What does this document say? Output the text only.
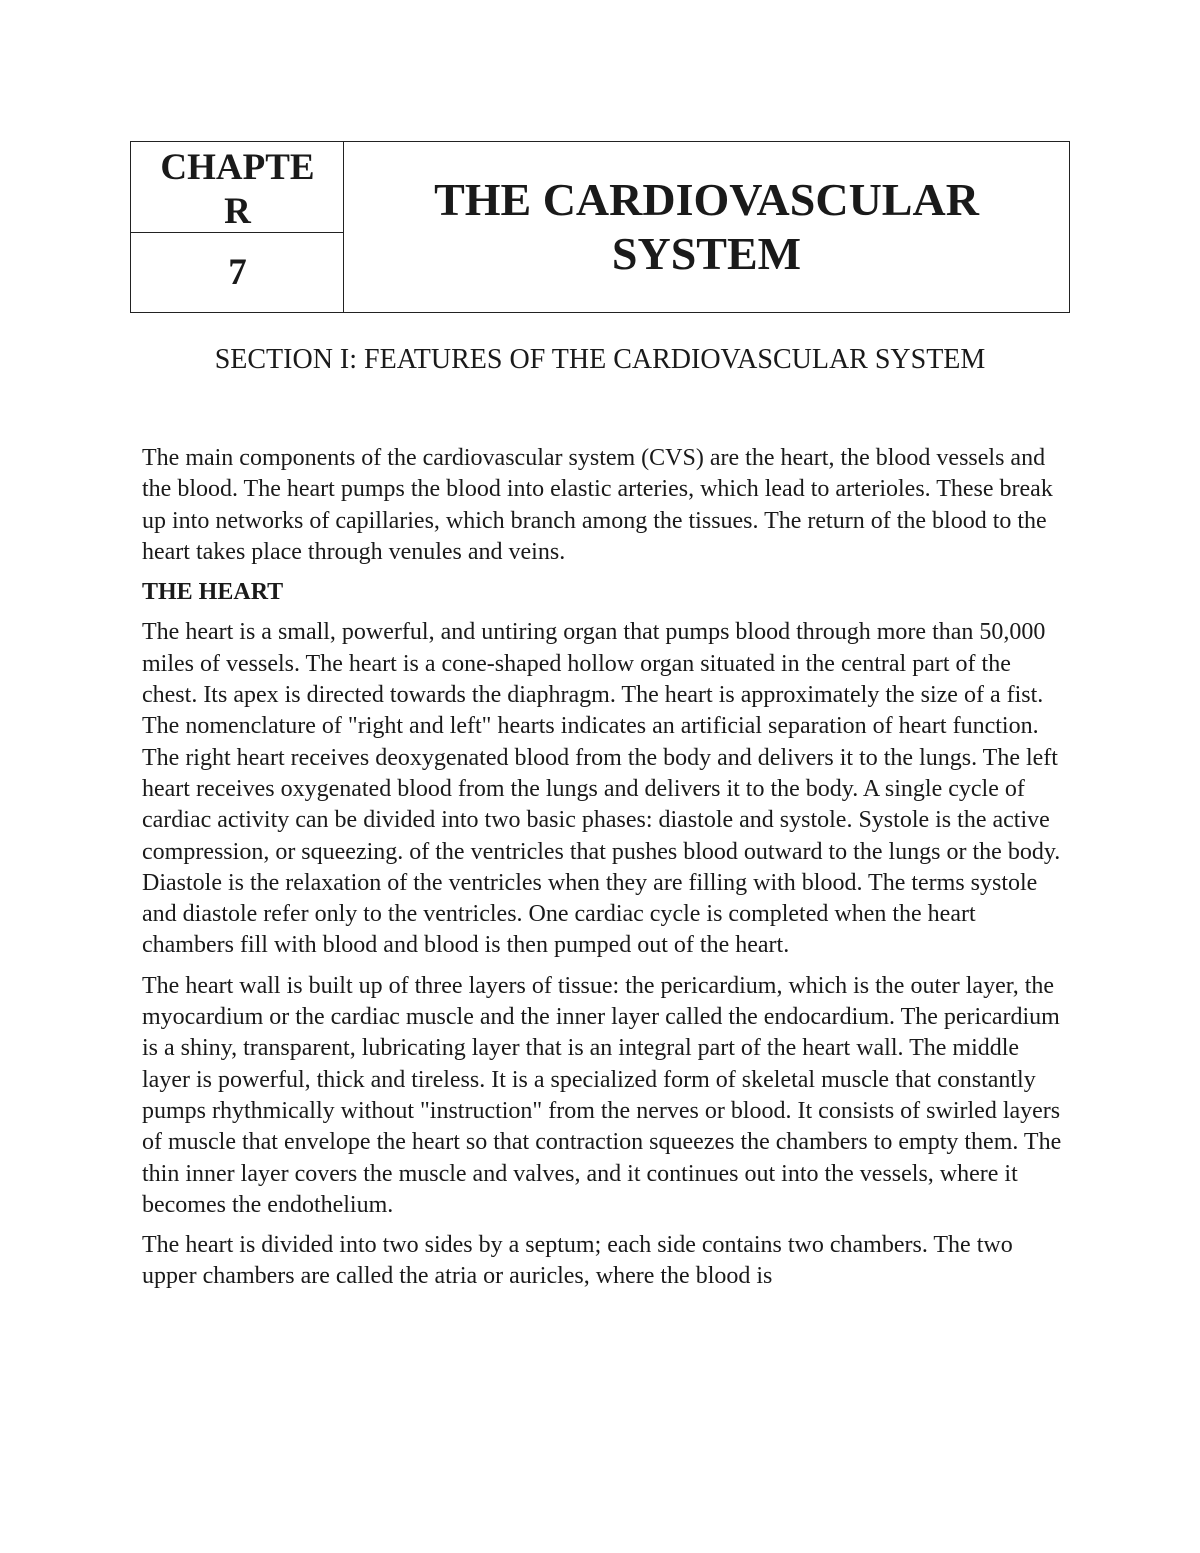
CHAPTER
7
THE CARDIOVASCULAR SYSTEM
SECTION I: FEATURES OF THE CARDIOVASCULAR SYSTEM

The main components of the cardiovascular system (CVS) are the heart, the blood vessels and the blood. The heart pumps the blood into elastic arteries, which lead to arterioles. These break up into networks of capillaries, which branch among the tissues. The return of the blood to the heart takes place through venules and veins.

THE HEART

The heart is a small, powerful, and untiring organ that pumps blood through more than 50,000 miles of vessels. The heart is a cone-shaped hollow organ situated in the central part of the chest. Its apex is directed towards the diaphragm. The heart is approximately the size of a fist. The nomenclature of "right and left" hearts indicates an artificial separation of heart function. The right heart receives deoxygenated blood from the body and delivers it to the lungs. The left heart receives oxygenated blood from the lungs and delivers it to the body. A single cycle of cardiac activity can be divided into two basic phases: diastole and systole. Systole is the active compression, or squeezing. of the ventricles that pushes blood outward to the lungs or the body. Diastole is the relaxation of the ventricles when they are filling with blood. The terms systole and diastole refer only to the ventricles. One cardiac cycle is completed when the heart chambers fill with blood and blood is then pumped out of the heart.

The heart wall is built up of three layers of tissue: the pericardium, which is the outer layer, the myocardium or the cardiac muscle and the inner layer called the endocardium. The pericardium is a shiny, transparent, lubricating layer that is an integral part of the heart wall. The middle layer is powerful, thick and tireless. It is a specialized form of skeletal muscle that constantly pumps rhythmically without "instruction" from the nerves or blood. It consists of swirled layers of muscle that envelope the heart so that contraction squeezes the chambers to empty them. The thin inner layer covers the muscle and valves, and it continues out into the vessels, where it becomes the endothelium.

The heart is divided into two sides by a septum; each side contains two chambers. The two upper chambers are called the atria or auricles, where the blood is
